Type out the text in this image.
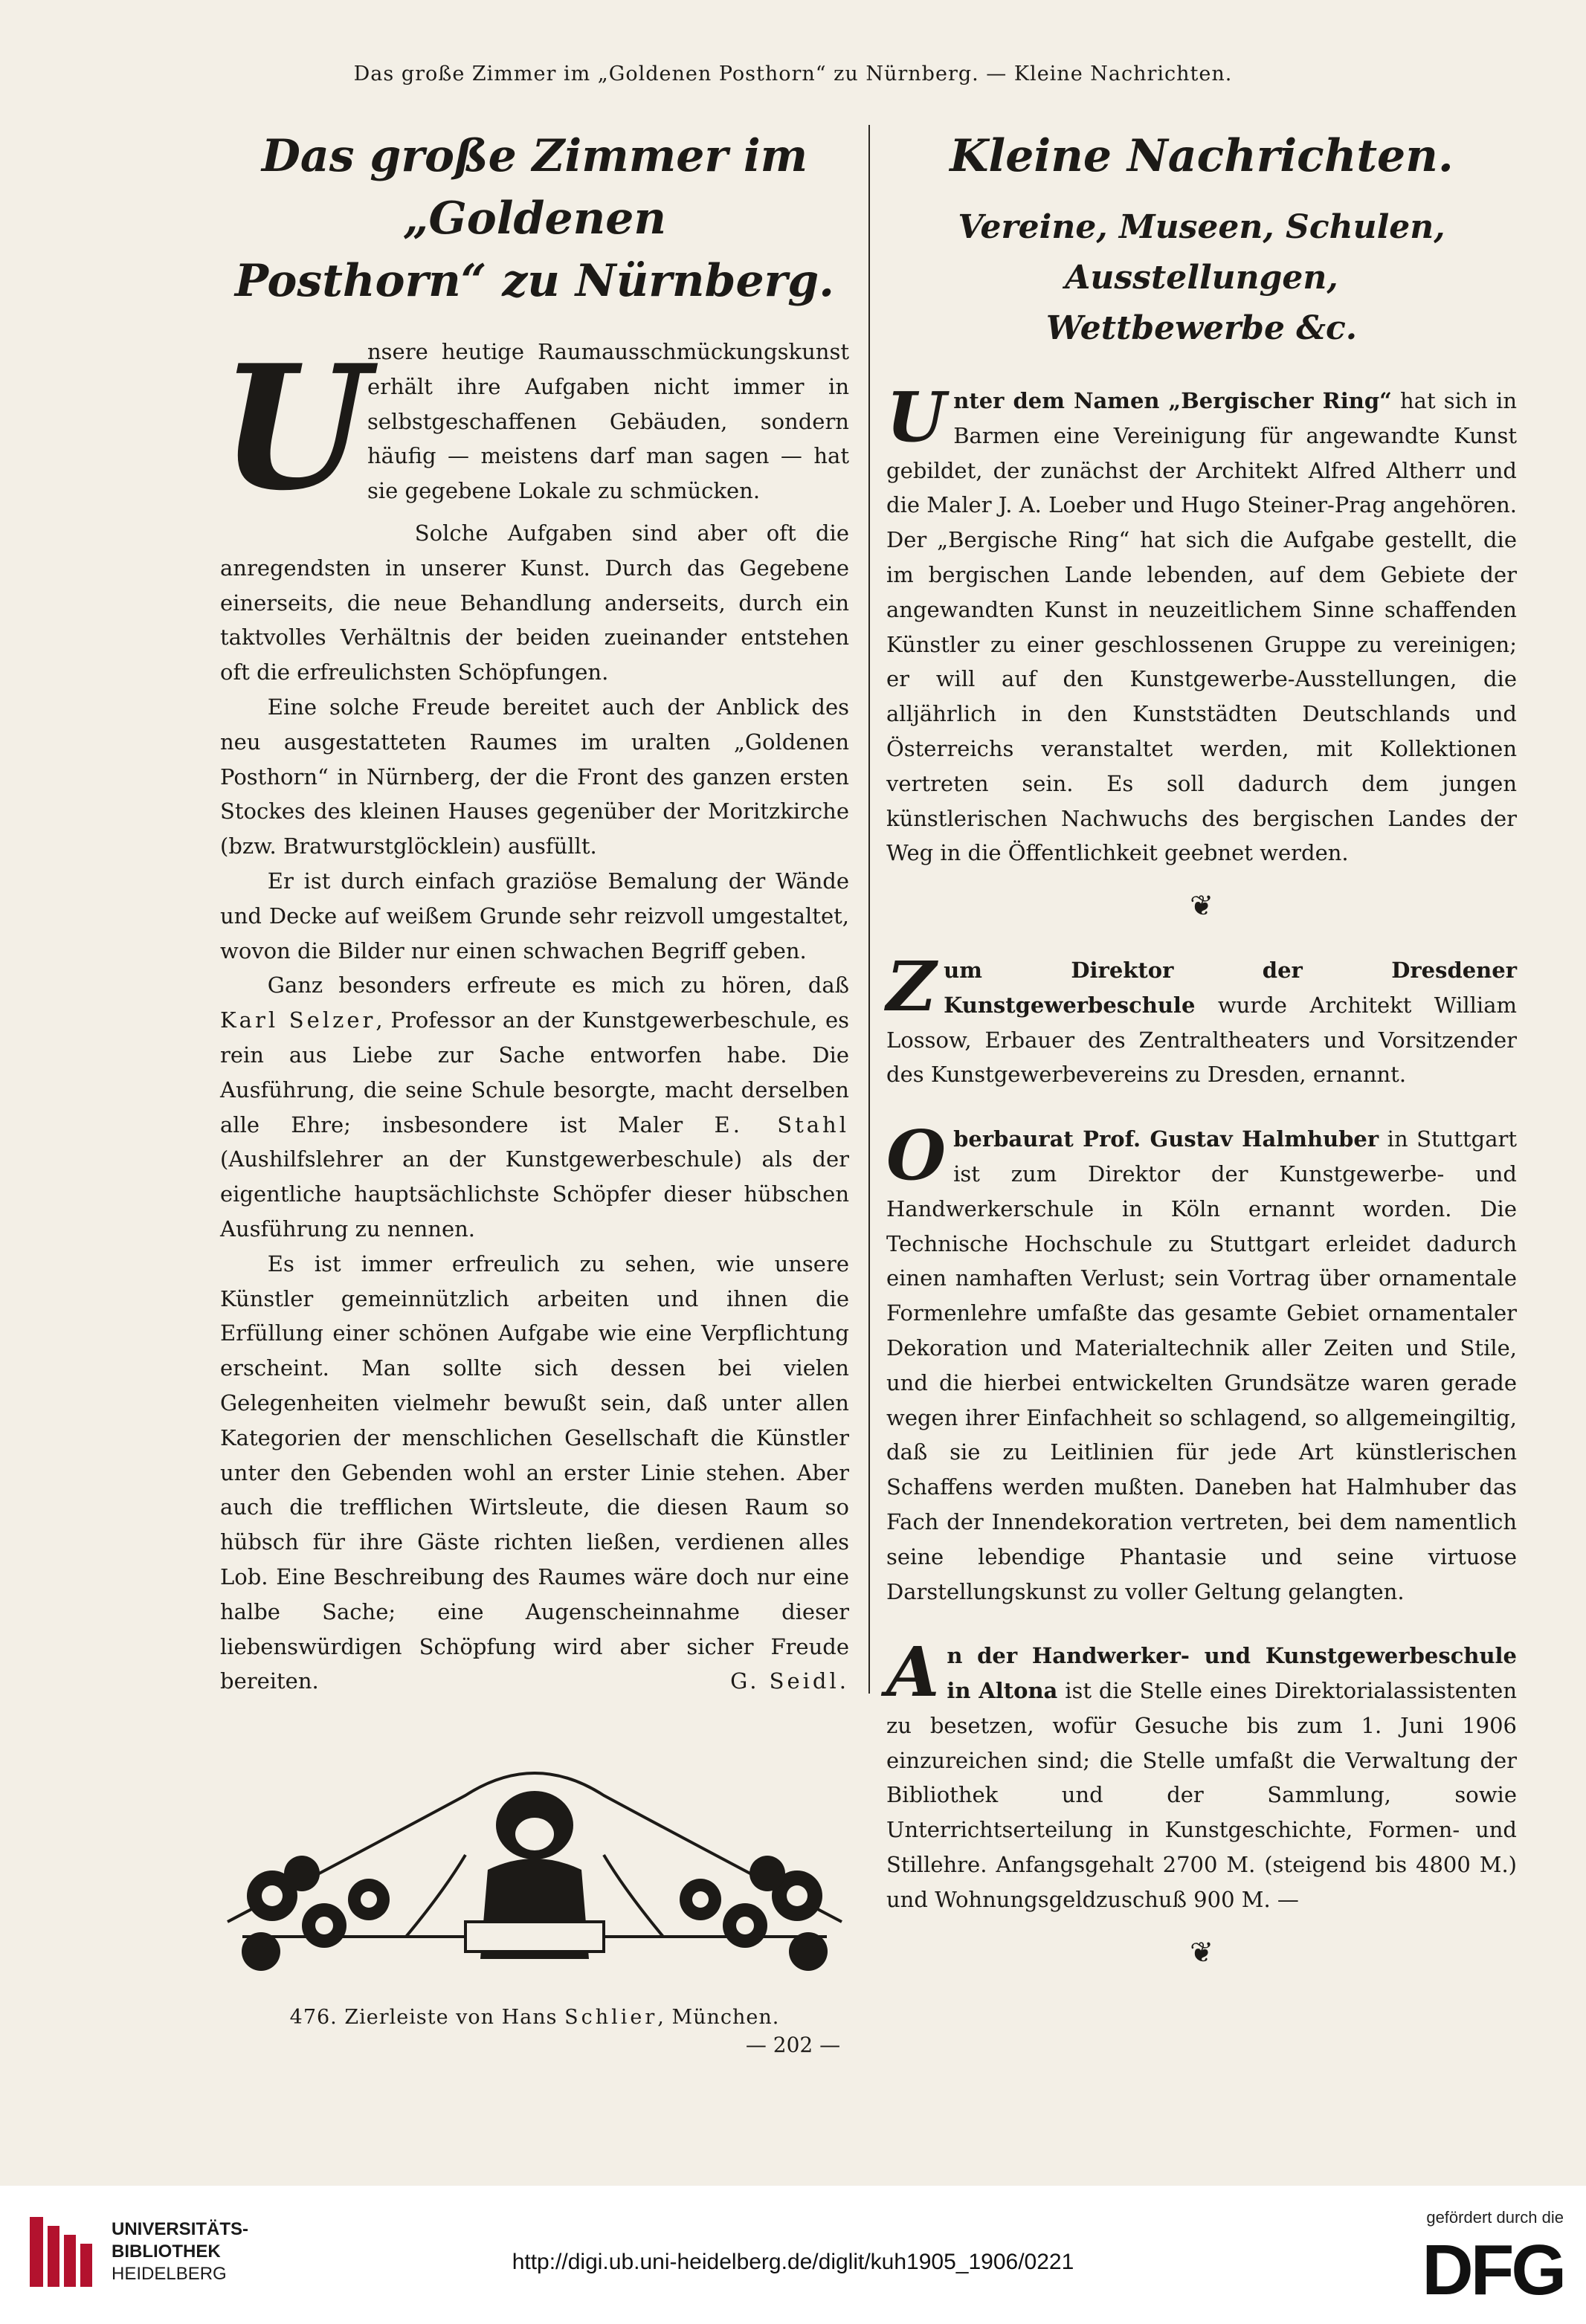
Das große Zimmer im „Goldenen Posthorn“ zu Nürnberg. — Kleine Nachrichten.
Das große Zimmer im „Goldenen
Posthorn“ zu Nürnberg.
U

nsere heutige Raumausschmückungskunst erhält ihre Aufgaben nicht immer in selbstgeschaffenen Gebäuden, sondern häufig — meistens darf man sagen — hat sie gegebene Lokale zu schmücken.

Solche Aufgaben sind aber oft die anregendsten in unserer Kunst. Durch das Gegebene einerseits, die neue Behandlung anderseits, durch ein taktvolles Verhältnis der beiden zueinander entstehen oft die erfreulichsten Schöpfungen.

Eine solche Freude bereitet auch der Anblick des neu ausgestatteten Raumes im uralten „Goldenen Posthorn“ in Nürnberg, der die Front des ganzen ersten Stockes des kleinen Hauses gegenüber der Moritzkirche (bzw. Bratwurstglöcklein) ausfüllt.

Er ist durch einfach graziöse Bemalung der Wände und Decke auf weißem Grunde sehr reizvoll umgestaltet, wovon die Bilder nur einen schwachen Begriff geben.

Ganz besonders erfreute es mich zu hören, daß Karl Selzer, Professor an der Kunstgewerbeschule, es rein aus Liebe zur Sache entworfen habe. Die Ausführung, die seine Schule besorgte, macht derselben alle Ehre; insbesondere ist Maler E. Stahl (Aushilfslehrer an der Kunstgewerbeschule) als der eigentliche hauptsächlichste Schöpfer dieser hübschen Ausführung zu nennen.

Es ist immer erfreulich zu sehen, wie unsere Künstler gemeinnützlich arbeiten und ihnen die Erfüllung einer schönen Aufgabe wie eine Verpflichtung erscheint. Man sollte sich dessen bei vielen Gelegenheiten vielmehr bewußt sein, daß unter allen Kategorien der menschlichen Gesellschaft die Künstler unter den Gebenden wohl an erster Linie stehen. Aber auch die trefflichen Wirtsleute, die diesen Raum so hübsch für ihre Gäste richten ließen, verdienen alles Lob. Eine Beschreibung des Raumes wäre doch nur eine halbe Sache; eine Augenscheinnahme dieser liebenswürdigen Schöpfung wird aber sicher Freude bereiten.	G. Seidl.

476. Zierleiste von Hans Schlier, München.
Kleine Nachrichten.
Vereine, Museen, Schulen, Ausstellungen,
Wettbewerbe &c.

Unter dem Namen „Bergischer Ring“ hat sich in Barmen eine Vereinigung für angewandte Kunst gebildet, der zunächst der Architekt Alfred Altherr und die Maler J. A. Loeber und Hugo Steiner-Prag angehören. Der „Bergische Ring“ hat sich die Aufgabe gestellt, die im bergischen Lande lebenden, auf dem Gebiete der angewandten Kunst in neuzeitlichem Sinne schaffenden Künstler zu einer geschlossenen Gruppe zu vereinigen; er will auf den Kunstgewerbe-Ausstellungen, die alljährlich in den Kunststädten Deutschlands und Österreichs veranstaltet werden, mit Kollektionen vertreten sein. Es soll dadurch dem jungen künstlerischen Nachwuchs des bergischen Landes der Weg in die Öffentlichkeit geebnet werden.

❦

Zum Direktor der Dresdener Kunstgewerbeschule wurde Architekt William Lossow, Erbauer des Zentraltheaters und Vorsitzender des Kunstgewerbevereins zu Dresden, ernannt.

Oberbaurat Prof. Gustav Halmhuber in Stuttgart ist zum Direktor der Kunstgewerbe- und Handwerkerschule in Köln ernannt worden. Die Technische Hochschule zu Stuttgart erleidet dadurch einen namhaften Verlust; sein Vortrag über ornamentale Formenlehre umfaßte das gesamte Gebiet ornamentaler Dekoration und Materialtechnik aller Zeiten und Stile, und die hierbei entwickelten Grundsätze waren gerade wegen ihrer Einfachheit so schlagend, so allgemeingiltig, daß sie zu Leitlinien für jede Art künstlerischen Schaffens werden mußten. Daneben hat Halmhuber das Fach der Innendekoration vertreten, bei dem namentlich seine lebendige Phantasie und seine virtuose Darstellungskunst zu voller Geltung gelangten.

An der Handwerker- und Kunstgewerbeschule in Altona ist die Stelle eines Direktorialassistenten zu besetzen, wofür Gesuche bis zum 1. Juni 1906 einzureichen sind; die Stelle umfaßt die Verwaltung der Bibliothek und der Sammlung, sowie Unterrichtserteilung in Kunstgeschichte, Formen- und Stillehre. Anfangsgehalt 2700 M. (steigend bis 4800 M.) und Wohnungsgeldzuschuß 900 M. —

❦

— 202 —
UNIVERSITÄTS-
BIBLIOTHEK
HEIDELBERG	http://digi.ub.uni-heidelberg.de/diglit/kuh1905_1906/0221
gefördert durch die
DFG
